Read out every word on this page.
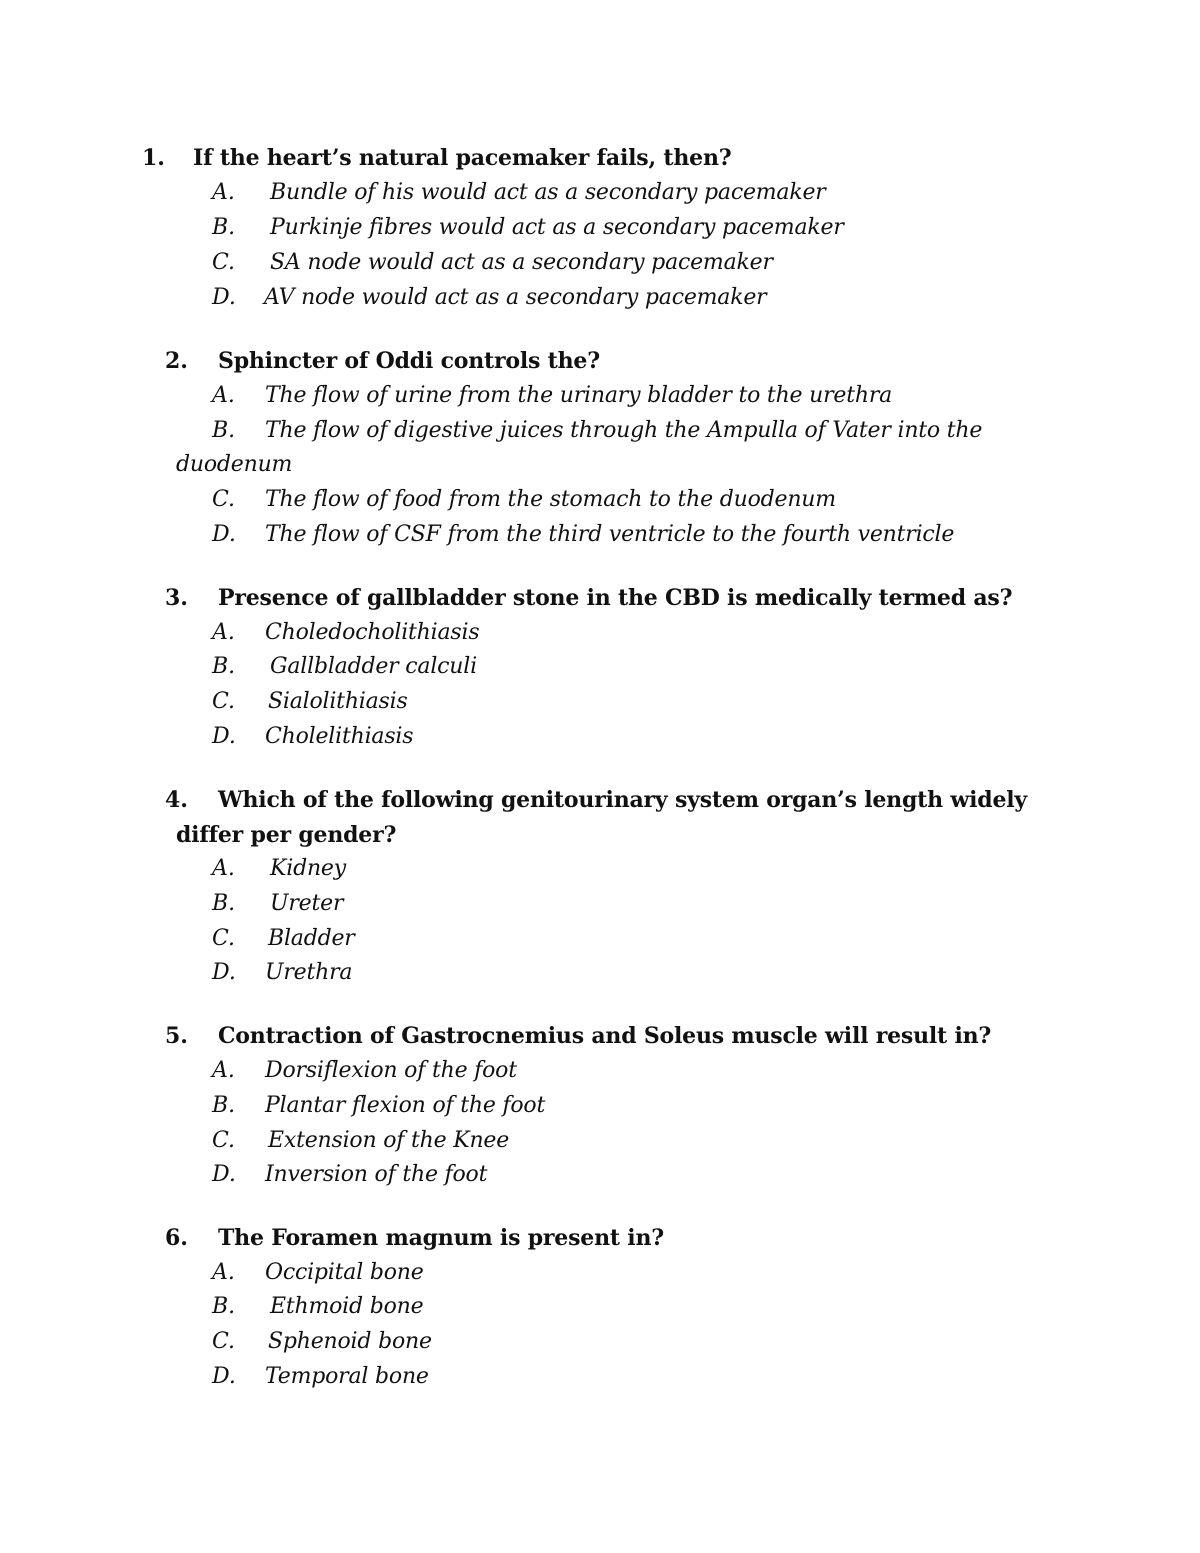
1. If the heart’s natural pacemaker fails, then?
A. Bundle of his would act as a secondary pacemaker
B. Purkinje fibres would act as a secondary pacemaker
C. SA node would act as a secondary pacemaker
D. AV node would act as a secondary pacemaker
2. Sphincter of Oddi controls the?
A. The flow of urine from the urinary bladder to the urethra
B. The flow of digestive juices through the Ampulla of Vater into the
duodenum
C. The flow of food from the stomach to the duodenum
D. The flow of CSF from the third ventricle to the fourth ventricle
3. Presence of gallbladder stone in the CBD is medically termed as?
A. Choledocholithiasis
B. Gallbladder calculi
C. Sialolithiasis
D. Cholelithiasis
4. Which of the following genitourinary system organ’s length widely
differ per gender?
A. Kidney
B. Ureter
C. Bladder
D. Urethra
5. Contraction of Gastrocnemius and Soleus muscle will result in?
A. Dorsiflexion of the foot
B. Plantar flexion of the foot
C. Extension of the Knee
D. Inversion of the foot
6. The Foramen magnum is present in?
A. Occipital bone
B. Ethmoid bone
C. Sphenoid bone
D. Temporal bone
